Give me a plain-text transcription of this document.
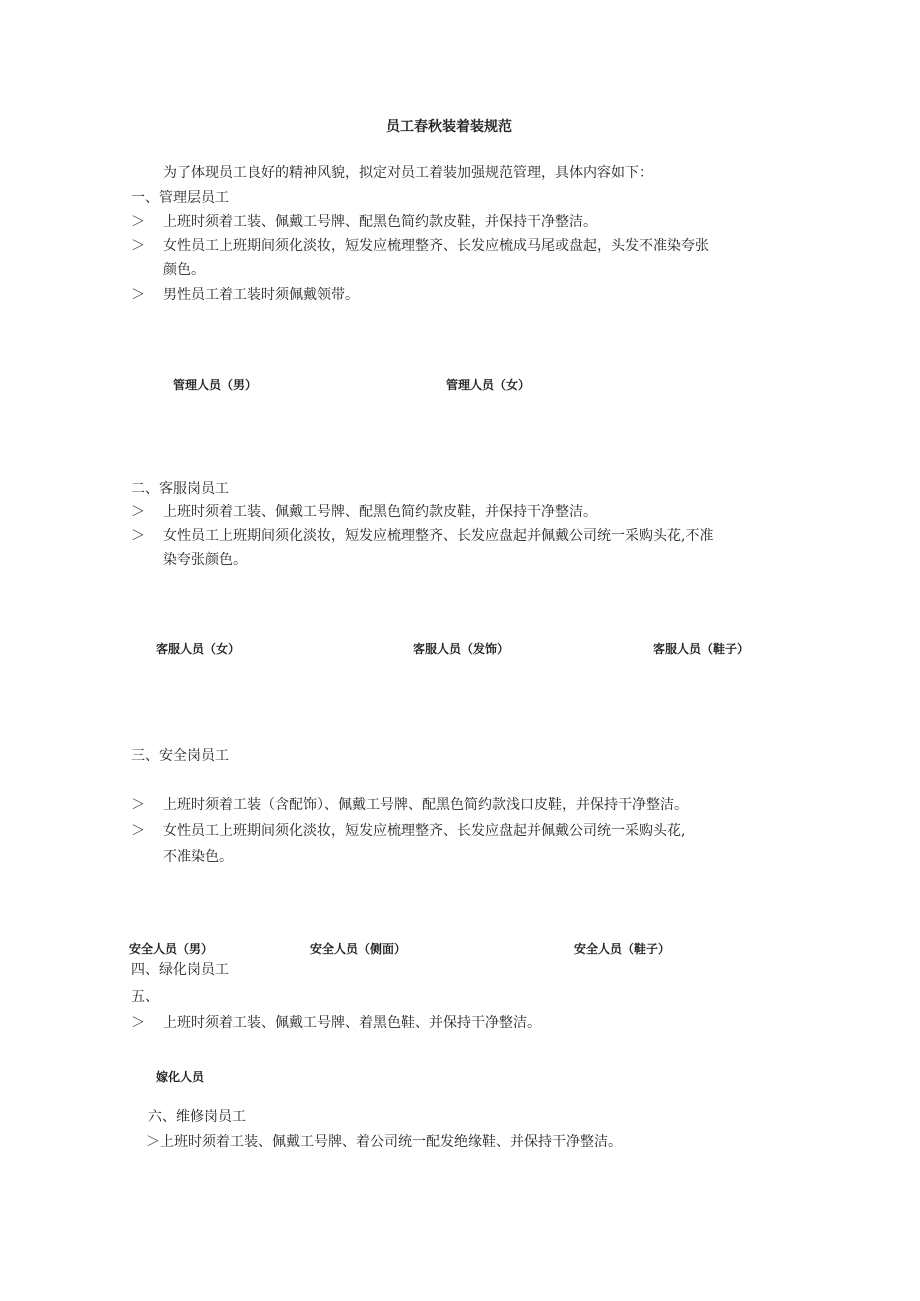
员工春秋装着装规范
为了体现员工良好的精神风貌，拟定对员工着装加强规范管理，具体内容如下：
一、管理层员工
＞ 上班时须着工装、佩戴工号牌、配黑色简约款皮鞋，并保持干净整洁。
＞ 女性员工上班期间须化淡妆，短发应梳理整齐、长发应梳成马尾或盘起，头发不准染夸张
颜色。
＞ 男性员工着工装时须佩戴领带。
管理人员（男）	管理人员（女）
二、客服岗员工
＞ 上班时须着工装、佩戴工号牌、配黑色简约款皮鞋，并保持干净整洁。
＞ 女性员工上班期间须化淡妆，短发应梳理整齐、长发应盘起并佩戴公司统一采购头花,不准
染夸张颜色。
客服人员（女）	客服人员（发饰）	客服人员（鞋子）
三、安全岗员工
＞ 上班时须着工装（含配饰）、佩戴工号牌、配黑色简约款浅口皮鞋，并保持干净整洁。
＞ 女性员工上班期间须化淡妆，短发应梳理整齐、长发应盘起并佩戴公司统一采购头花,
不准染色。
安全人员（男）	安全人员（侧面）	安全人员（鞋子）
四、绿化岗员工
五、
＞ 上班时须着工装、佩戴工号牌、着黑色鞋、并保持干净整洁。
嫁化人员
六、维修岗员工
＞上班时须着工装、佩戴工号牌、着公司统一配发绝缘鞋、并保持干净整洁。
